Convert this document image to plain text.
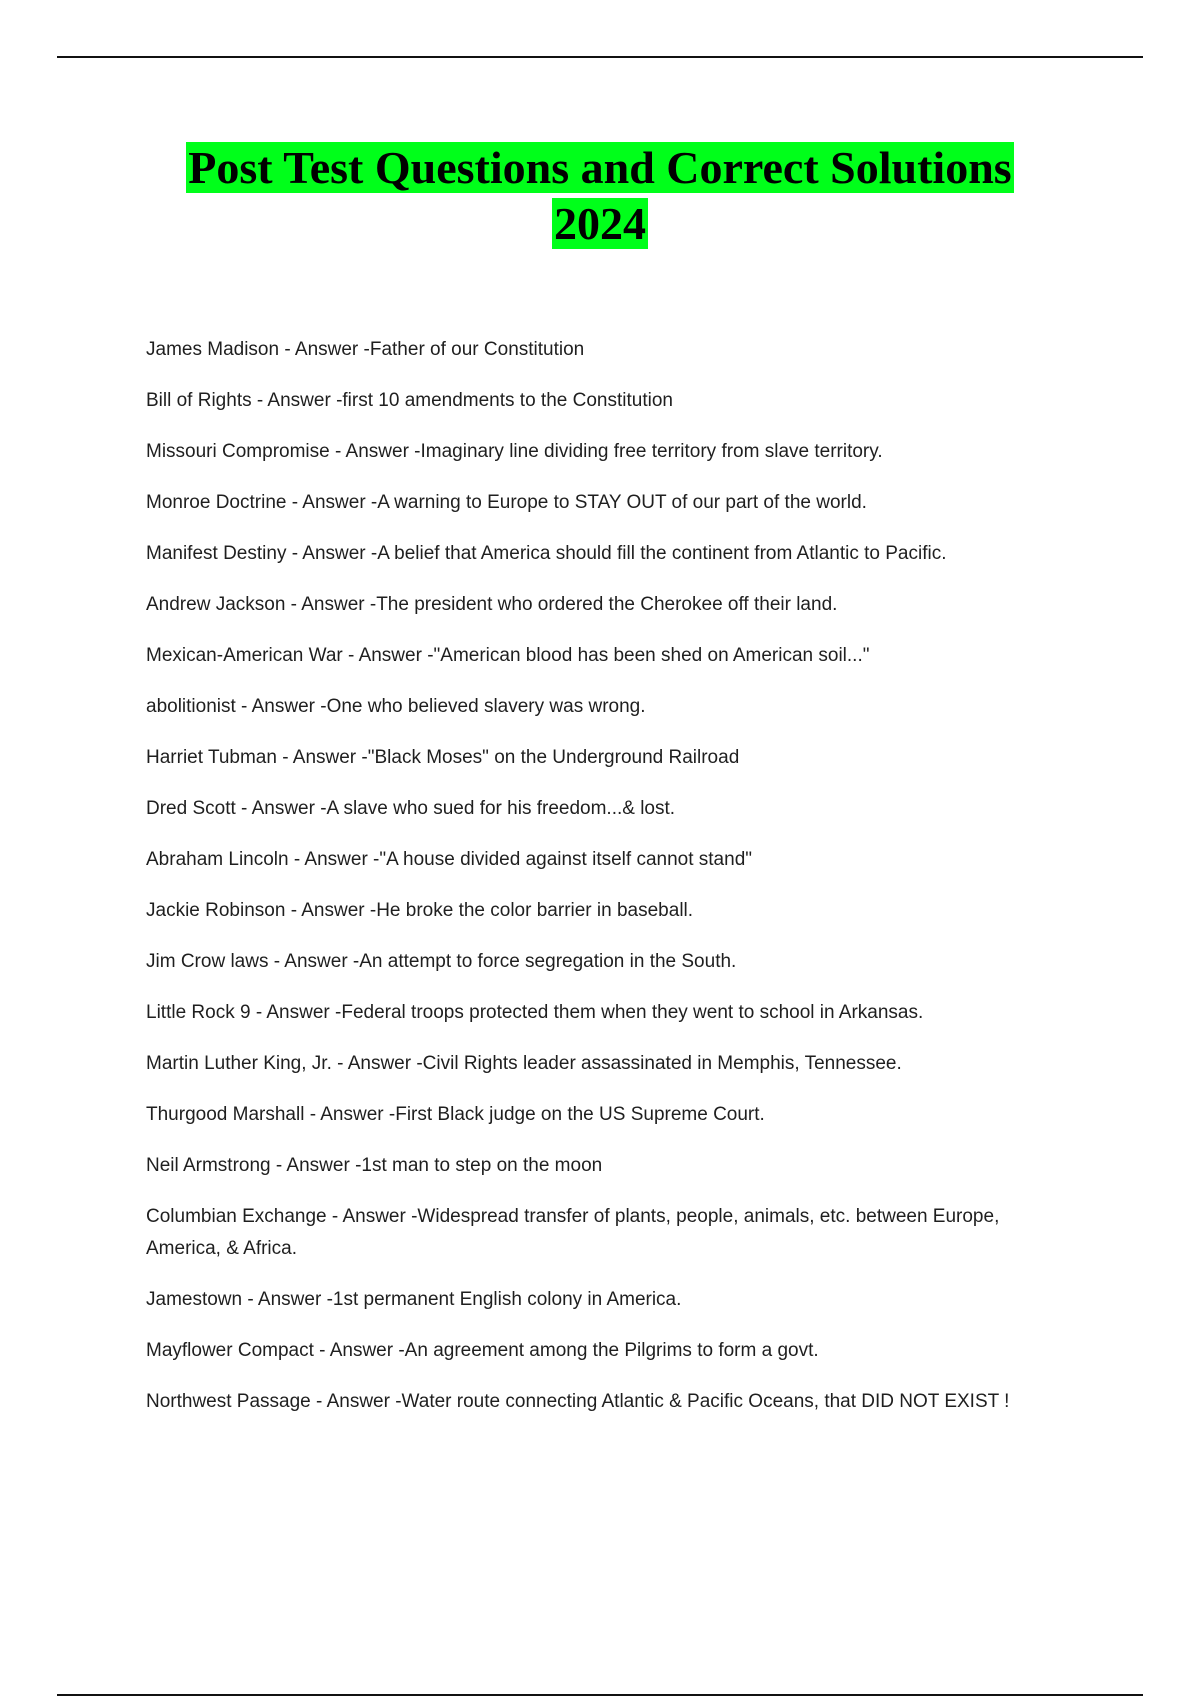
Post Test Questions and Correct Solutions
2024
James Madison - Answer -Father of our Constitution
Bill of Rights - Answer -first 10 amendments to the Constitution
Missouri Compromise - Answer -Imaginary line dividing free territory from slave territory.
Monroe Doctrine - Answer -A warning to Europe to STAY OUT of our part of the world.
Manifest Destiny - Answer -A belief that America should fill the continent from Atlantic to Pacific.
Andrew Jackson - Answer -The president who ordered the Cherokee off their land.
Mexican-American War - Answer -"American blood has been shed on American soil..."
abolitionist - Answer -One who believed slavery was wrong.
Harriet Tubman - Answer -"Black Moses" on the Underground Railroad
Dred Scott - Answer -A slave who sued for his freedom...& lost.
Abraham Lincoln - Answer -"A house divided against itself cannot stand"
Jackie Robinson - Answer -He broke the color barrier in baseball.
Jim Crow laws - Answer -An attempt to force segregation in the South.
Little Rock 9 - Answer -Federal troops protected them when they went to school in Arkansas.
Martin Luther King, Jr. - Answer -Civil Rights leader assassinated in Memphis, Tennessee.
Thurgood Marshall - Answer -First Black judge on the US Supreme Court.
Neil Armstrong - Answer -1st man to step on the moon
Columbian Exchange - Answer -Widespread transfer of plants, people, animals, etc. between Europe, America, & Africa.
Jamestown - Answer -1st permanent English colony in America.
Mayflower Compact - Answer -An agreement among the Pilgrims to form a govt.
Northwest Passage - Answer -Water route connecting Atlantic & Pacific Oceans, that DID NOT EXIST !
